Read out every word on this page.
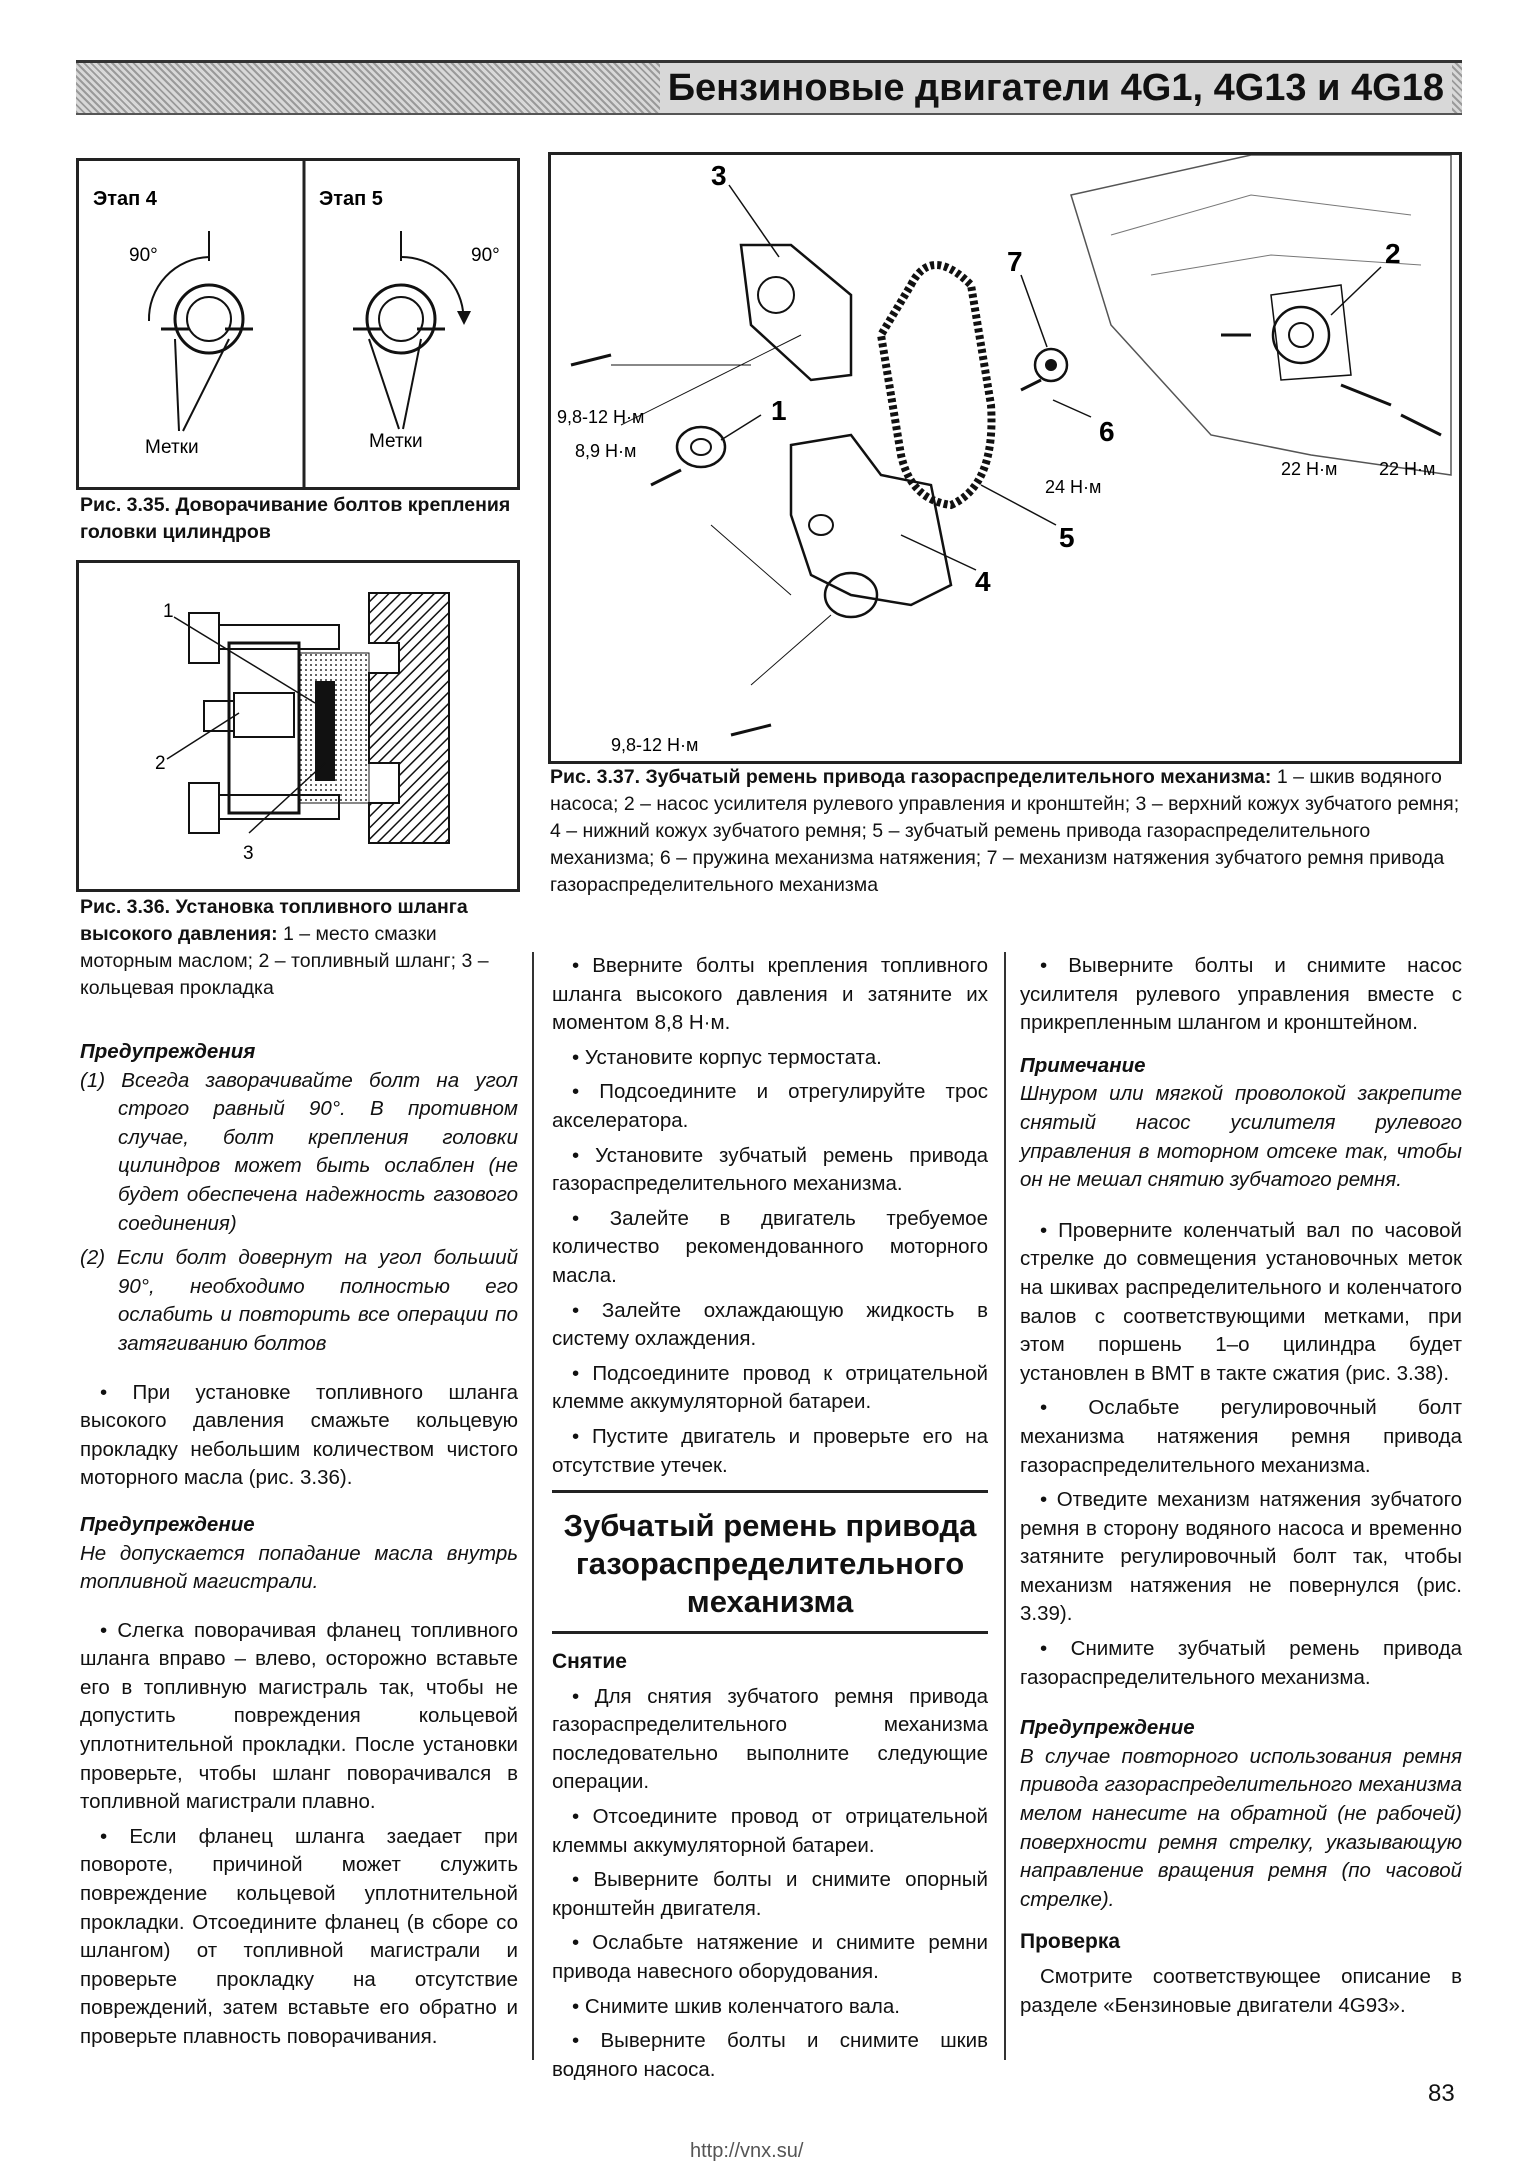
Бензиновые двигатели 4G1, 4G13 и 4G18
Этап 4	Этап 5
90°	90°
Метки	Метки
Рис. 3.35. Доворачивание болтов крепления головки цилиндров
1
2
3
Рис. 3.36. Установка топливного шланга высокого давления: 1 – место смазки моторным маслом; 2 – топливный шланг; 3 – кольцевая прокладка
3
7	2
1
6
5
4
9,8-12 Н·м
8,9 Н·м
24 Н·м
22 Н·м 22 Н·м
9,8-12 Н·м
Рис. 3.37. Зубчатый ремень привода газораспределительного механизма: 1 – шкив водяного насоса; 2 – насос усилителя рулевого управления и кронштейн; 3 – верхний кожух зубчатого ремня; 4 – нижний кожух зубчатого ремня; 5 – зубчатый ремень привода газораспределительного механизма; 6 – пружина механизма натяжения; 7 – механизм натяжения зубчатого ремня привода газораспределительного механизма
Предупреждения

(1) Всегда заворачивайте болт на угол строго равный 90°. В противном случае, болт крепления головки цилиндров может быть ослаблен (не будет обеспечена надежность газового соединения)

(2) Если болт довернут на угол больший 90°, необходимо полностью его ослабить и повторить все операции по затягиванию болтов

• При установке топливного шланга высокого давления смажьте кольцевую прокладку небольшим количеством чистого моторного масла (рис. 3.36).

Предупреждение

Не допускается попадание масла внутрь топливной магистрали.

• Слегка поворачивая фланец топливного шланга вправо – влево, осторожно вставьте его в топливную магистраль так, чтобы не допустить повреждения кольцевой уплотнительной прокладки. После установки проверьте, чтобы шланг поворачивался в топливной магистрали плавно.

• Если фланец шланга заедает при повороте, причиной может служить повреждение кольцевой уплотнительной прокладки. Отсоедините фланец (в сборе со шлангом) от топливной магистрали и проверьте прокладку на отсутствие повреждений, затем вставьте его обратно и проверьте плавность поворачивания.

• Вверните болты крепления топливного шланга высокого давления и затяните их моментом 8,8 Н·м.

• Установите корпус термостата.

• Подсоедините и отрегулируйте трос акселератора.

• Установите зубчатый ремень привода газораспределительного механизма.

• Залейте в двигатель требуемое количество рекомендованного моторного масла.

• Залейте охлаждающую жидкость в систему охлаждения.

• Подсоедините провод к отрицательной клемме аккумуляторной батареи.

• Пустите двигатель и проверьте его на отсутствие утечек.

Зубчатый ремень привода газораспределительного механизма
Снятие

• Для снятия зубчатого ремня привода газораспределительного механизма последовательно выполните следующие операции.

• Отсоедините провод от отрицательной клеммы аккумуляторной батареи.

• Выверните болты и снимите опорный кронштейн двигателя.

• Ослабьте натяжение и снимите ремни привода навесного оборудования.

• Снимите шкив коленчатого вала.

• Выверните болты и снимите шкив водяного насоса.

• Выверните болты и снимите насос усилителя рулевого управления вместе с прикрепленным шлангом и кронштейном.

Примечание

Шнуром или мягкой проволокой закрепите снятый насос усилителя рулевого управления в моторном отсеке так, чтобы он не мешал снятию зубчатого ремня.

• Проверните коленчатый вал по часовой стрелке до совмещения установочных меток на шкивах распределительного и коленчатого валов с соответствующими метками, при этом поршень 1–о цилиндра будет установлен в ВМТ в такте сжатия (рис. 3.38).

• Ослабьте регулировочный болт механизма натяжения ремня привода газораспределительного механизма.

• Отведите механизм натяжения зубчатого ремня в сторону водяного насоса и временно затяните регулировочный болт так, чтобы механизм натяжения не повернулся (рис. 3.39).

• Снимите зубчатый ремень привода газораспределительного механизма.

Предупреждение

В случае повторного использования ремня привода газораспределительного механизма мелом нанесите на обратной (не рабочей) поверхности ремня стрелку, указывающую направление вращения ремня (по часовой стрелке).

Проверка

Смотрите соответствующее описание в разделе «Бензиновые двигатели 4G93».

83
http://vnx.su/
